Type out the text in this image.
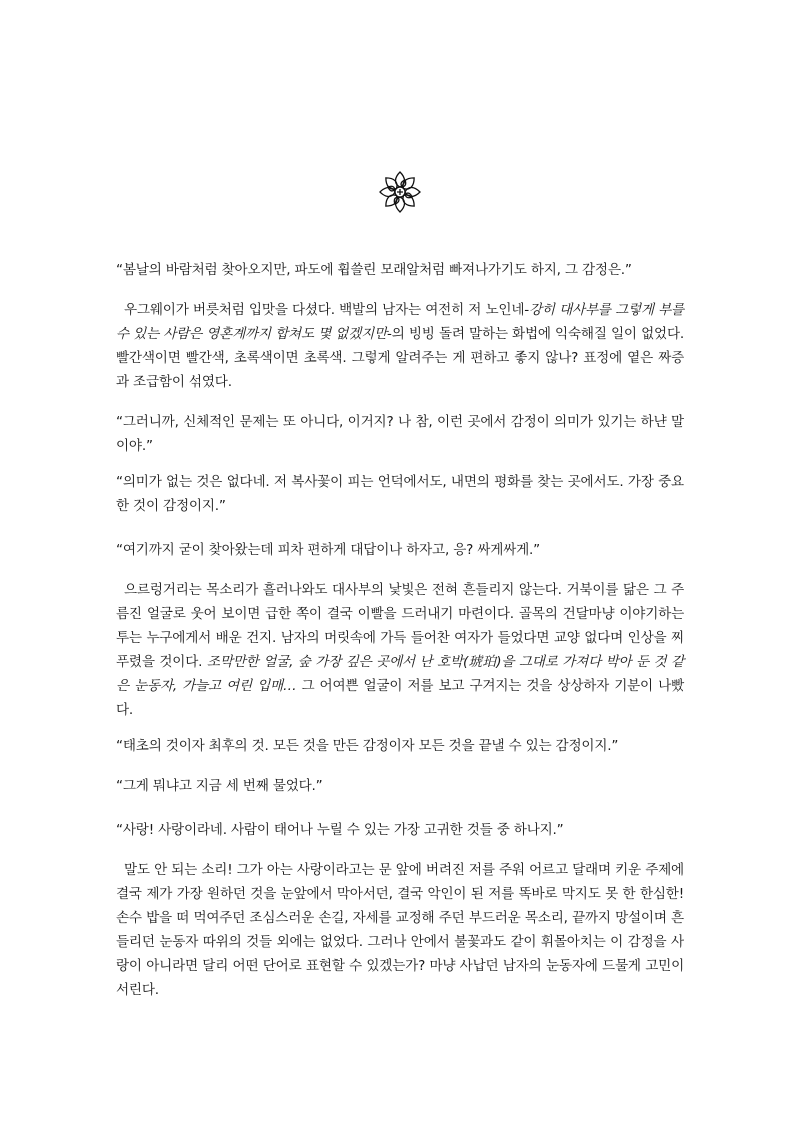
“봄날의 바람처럼 찾아오지만, 파도에 휩쓸린 모래알처럼 빠져나가기도 하지, 그 감정은.”

우그웨이가 버릇처럼 입맛을 다셨다. 백발의 남자는 여전히 저 노인네-강히 대사부를 그렇게 부를 수 있는 사람은 영혼계까지 합쳐도 몇 없겠지만-의 빙빙 돌려 말하는 화법에 익숙해질 일이 없었다. 빨간색이면 빨간색, 초록색이면 초록색. 그렇게 알려주는 게 편하고 좋지 않나? 표정에 옅은 짜증과 조급함이 섞였다.

“그러니까, 신체적인 문제는 또 아니다, 이거지? 나 참, 이런 곳에서 감정이 의미가 있기는 하냔 말이야.”

“의미가 없는 것은 없다네. 저 복사꽃이 피는 언덕에서도, 내면의 평화를 찾는 곳에서도. 가장 중요한 것이 감정이지.”

“여기까지 굳이 찾아왔는데 피차 편하게 대답이나 하자고, 응? 싸게싸게.”

으르렁거리는 목소리가 흘러나와도 대사부의 낯빛은 전혀 흔들리지 않는다. 거북이를 닮은 그 주름진 얼굴로 웃어 보이면 급한 쪽이 결국 이빨을 드러내기 마련이다. 골목의 건달마냥 이야기하는 투는 누구에게서 배운 건지. 남자의 머릿속에 가득 들어찬 여자가 들었다면 교양 없다며 인상을 찌푸렸을 것이다. 조막만한 얼굴, 숲 가장 깊은 곳에서 난 호박(琥珀)을 그대로 가져다 박아 둔 것 같은 눈동자, 가늘고 여린 입매… 그 어여쁜 얼굴이 저를 보고 구겨지는 것을 상상하자 기분이 나빴다.

“태초의 것이자 최후의 것. 모든 것을 만든 감정이자 모든 것을 끝낼 수 있는 감정이지.”

“그게 뭐냐고 지금 세 번째 물었다.”

“사랑! 사랑이라네. 사람이 태어나 누릴 수 있는 가장 고귀한 것들 중 하나지.”

말도 안 되는 소리! 그가 아는 사랑이라고는 문 앞에 버려진 저를 주워 어르고 달래며 키운 주제에 결국 제가 가장 원하던 것을 눈앞에서 막아서던, 결국 악인이 된 저를 똑바로 막지도 못 한 한심한! 손수 밥을 떠 먹여주던 조심스러운 손길, 자세를 교정해 주던 부드러운 목소리, 끝까지 망설이며 흔들리던 눈동자 따위의 것들 외에는 없었다. 그러나 안에서 불꽃과도 같이 휘몰아치는 이 감정을 사랑이 아니라면 달리 어떤 단어로 표현할 수 있겠는가? 마냥 사납던 남자의 눈동자에 드물게 고민이 서린다.
